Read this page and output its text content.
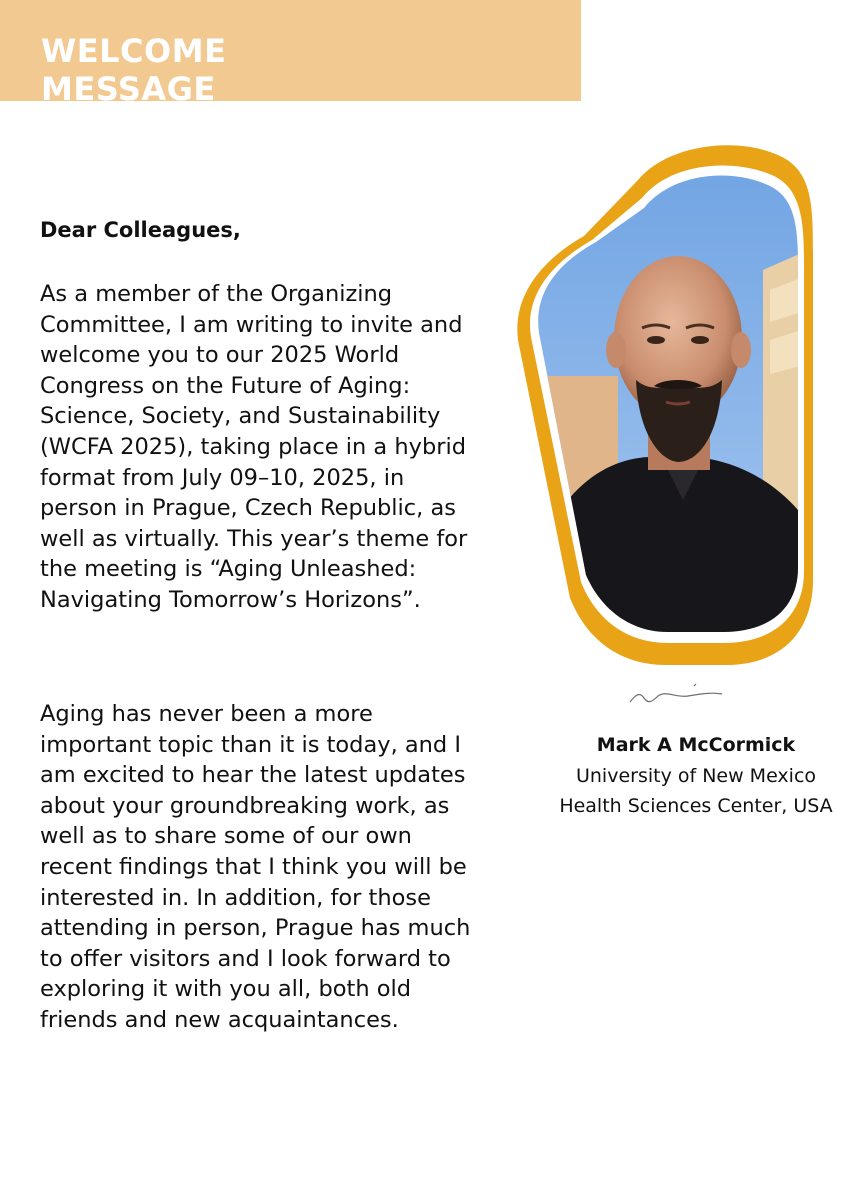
WELCOME MESSAGE

Dear Colleagues,

As a member of the Organizing Committee, I am writing to invite and welcome you to our 2025 World Congress on the Future of Aging: Science, Society, and Sustainability (WCFA 2025), taking place in a hybrid format from July 09–10, 2025, in person in Prague, Czech Republic, as well as virtually. This year’s theme for the meeting is “Aging Unleashed: Navigating Tomorrow’s Horizons”.

Aging has never been a more important topic than it is today, and I am excited to hear the latest updates about your groundbreaking work, as well as to share some of our own recent findings that I think you will be interested in. In addition, for those attending in person, Prague has much to offer visitors and I look forward to exploring it with you all, both old friends and new acquaintances.

Mark A McCormick

University of New Mexico Health Sciences Center, USA
